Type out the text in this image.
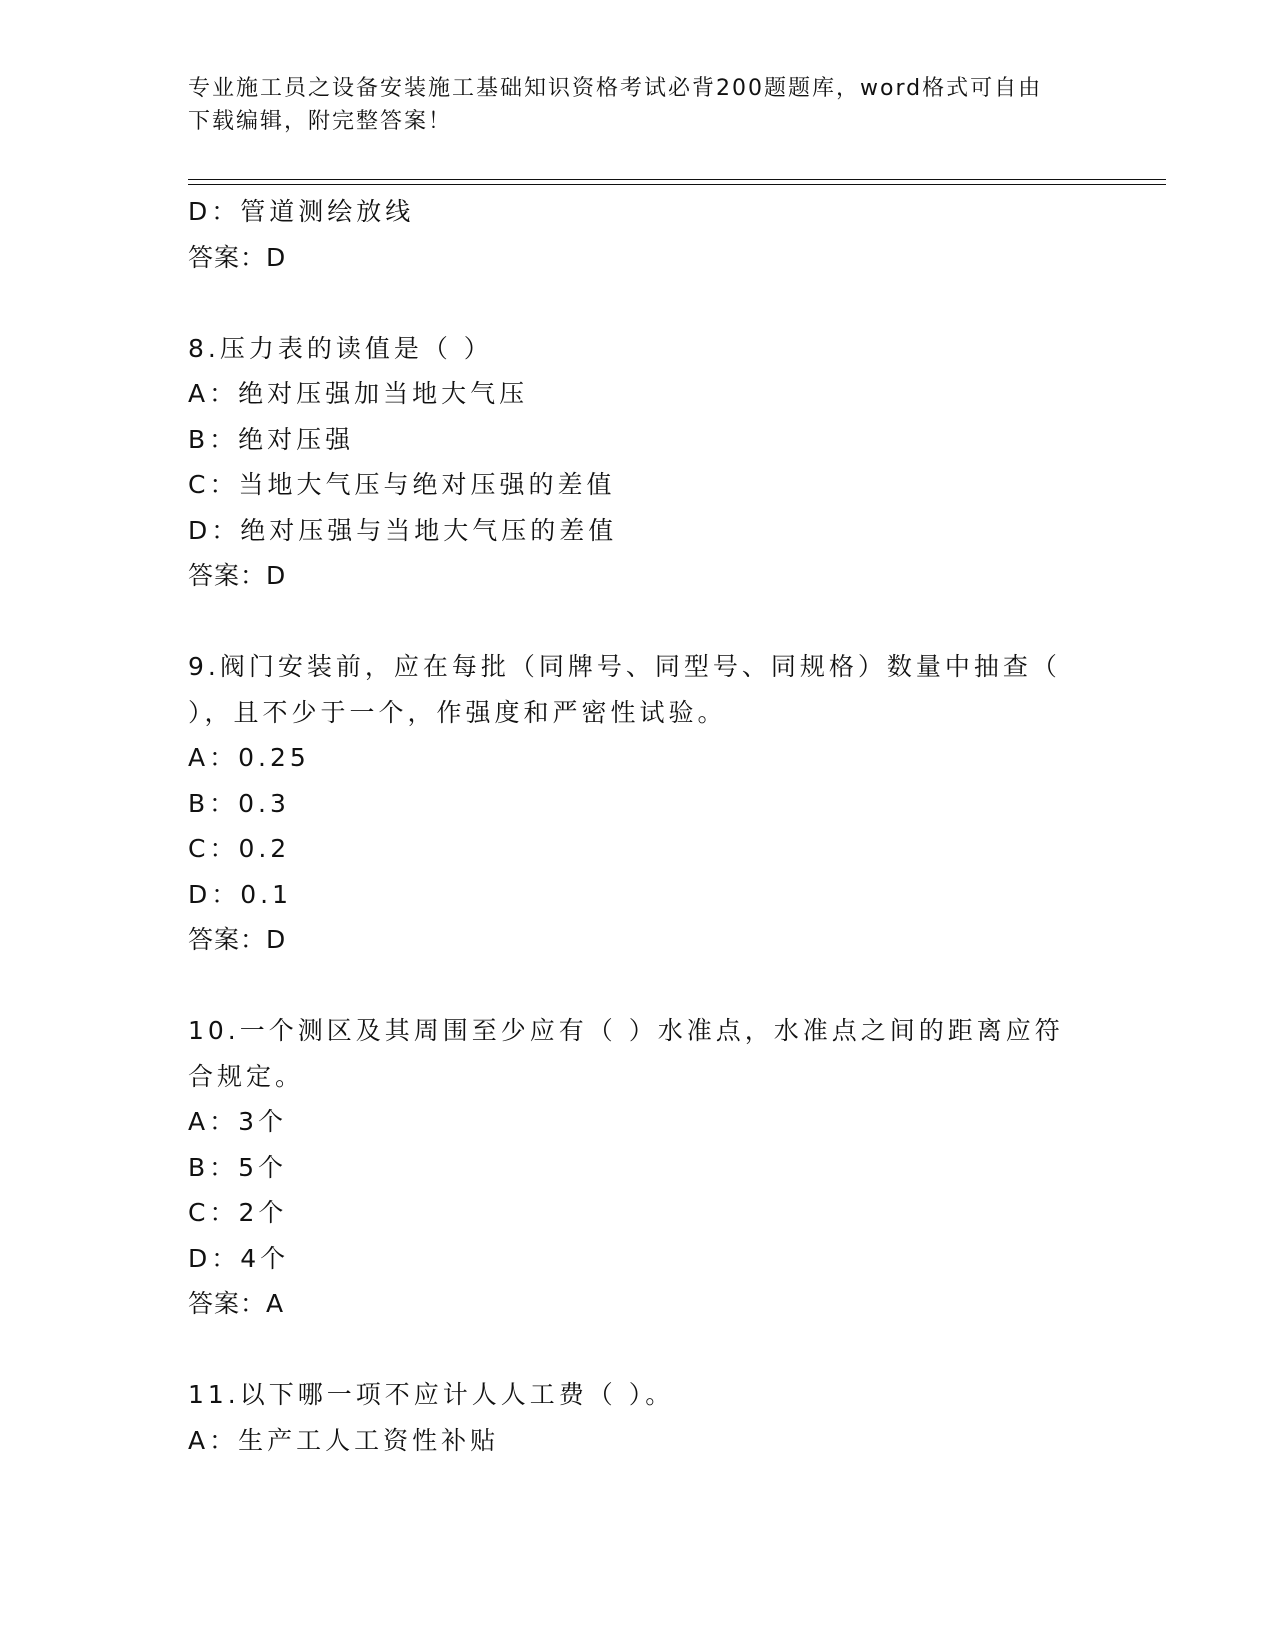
专业施工员之设备安装施工基础知识资格考试必背200题题库，word格式可自由
下载编辑，附完整答案！
D：管道测绘放线
答案：D
8.压力表的读值是（ ）
A：绝对压强加当地大气压
B：绝对压强
C：当地大气压与绝对压强的差值
D：绝对压强与当地大气压的差值
答案：D
9.阀门安装前，应在每批（同牌号、同型号、同规格）数量中抽查（
），且不少于一个，作强度和严密性试验。
A：0.25
B：0.3
C：0.2
D：0.1
答案：D
10.一个测区及其周围至少应有（ ）水准点，水准点之间的距离应符
合规定。
A：3个
B：5个
C：2个
D：4个
答案：A
11.以下哪一项不应计人人工费（ ）。
A：生产工人工资性补贴
